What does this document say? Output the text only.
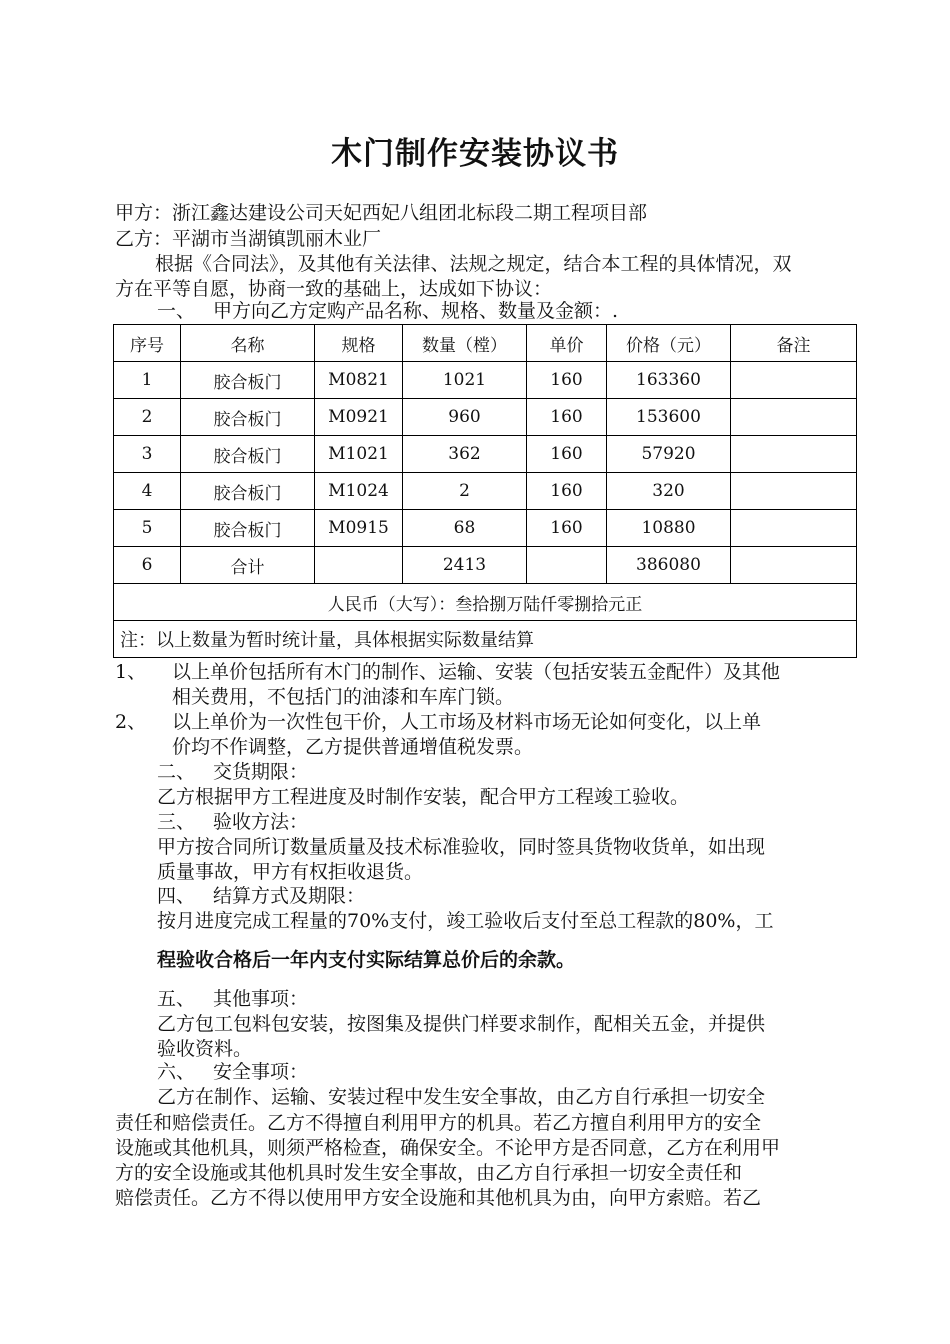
木门制作安装协议书
甲方：浙江鑫达建设公司天妃西妃八组团北标段二期工程项目部
乙方：平湖市当湖镇凯丽木业厂
根据《合同法》，及其他有关法律、法规之规定，结合本工程的具体情况，双
方在平等自愿，协商一致的基础上，达成如下协议：
一、 甲方向乙方定购产品名称、规格、数量及金额：.
序号	名称	规格	数量（樘）	单价	价格（元）	备注
1	胶合板门	M0821	1021	160	163360	
2	胶合板门	M0921	960	160	153600	
3	胶合板门	M1021	362	160	57920	
4	胶合板门	M1024	2	160	320	
5	胶合板门	M0915	68	160	10880	
6	合计		2413		386080	
人民币（大写）：叁拾捌万陆仟零捌拾元正						
注：以上数量为暂时统计量，具体根据实际数量结算						
1、 以上单价包括所有木门的制作、运输、安装（包括安装五金配件）及其他
相关费用，不包括门的油漆和车库门锁。
2、 以上单价为一次性包干价，人工市场及材料市场无论如何变化，以上单
价均不作调整，乙方提供普通增值税发票。
二、 交货期限：
乙方根据甲方工程进度及时制作安装，配合甲方工程竣工验收。
三、 验收方法：
甲方按合同所订数量质量及技术标准验收，同时签具货物收货单，如出现
质量事故，甲方有权拒收退货。
四、 结算方式及期限：
按月进度完成工程量的70%支付，竣工验收后支付至总工程款的80%，工
程验收合格后一年内支付实际结算总价后的余款。
五、 其他事项：
乙方包工包料包安装，按图集及提供门样要求制作，配相关五金，并提供
验收资料。
六、 安全事项：
乙方在制作、运输、安装过程中发生安全事故，由乙方自行承担一切安全
责任和赔偿责任。乙方不得擅自利用甲方的机具。若乙方擅自利用甲方的安全
设施或其他机具，则须严格检查，确保安全。不论甲方是否同意，乙方在利用甲
方的安全设施或其他机具时发生安全事故，由乙方自行承担一切安全责任和
赔偿责任。乙方不得以使用甲方安全设施和其他机具为由，向甲方索赔。若乙
